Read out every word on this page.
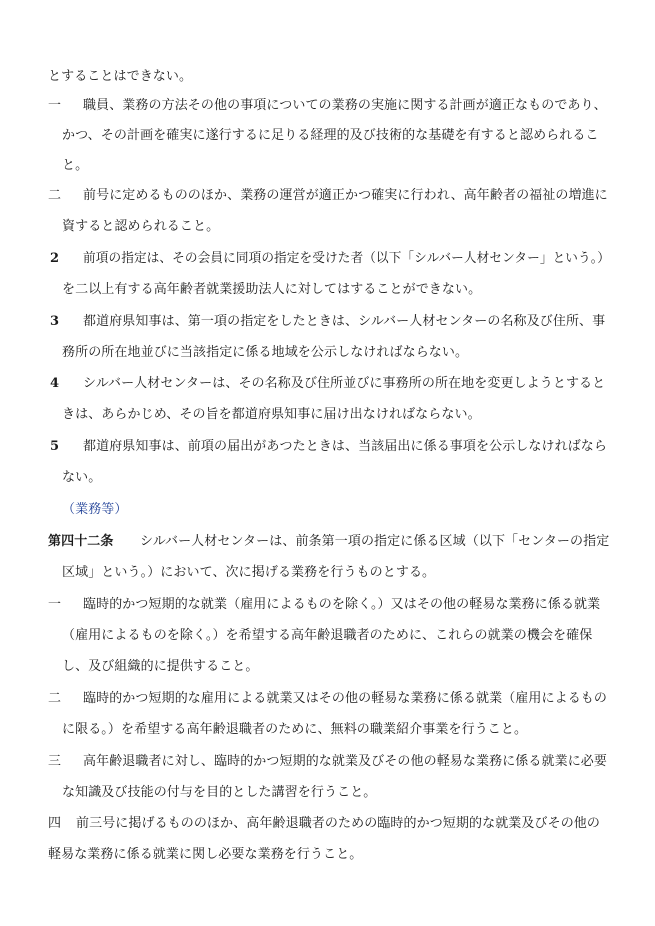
とすることはできない。
一 職員、業務の方法その他の事項についての業務の実施に関する計画が適正なものであり、
かつ、その計画を確実に遂行するに足りる経理的及び技術的な基礎を有すると認められるこ
と。
二 前号に定めるもののほか、業務の運営が適正かつ確実に行われ、高年齢者の福祉の増進に
資すると認められること。
2 前項の指定は、その会員に同項の指定を受けた者（以下「シルバー人材センター」という。）
を二以上有する高年齢者就業援助法人に対してはすることができない。
3 都道府県知事は、第一項の指定をしたときは、シルバー人材センターの名称及び住所、事
務所の所在地並びに当該指定に係る地域を公示しなければならない。
4 シルバー人材センターは、その名称及び住所並びに事務所の所在地を変更しようとすると
きは、あらかじめ、その旨を都道府県知事に届け出なければならない。
5 都道府県知事は、前項の届出があつたときは、当該届出に係る事項を公示しなければなら
ない。
（業務等）
第四十二条 シルバー人材センターは、前条第一項の指定に係る区域（以下「センターの指定
区域」という。）において、次に掲げる業務を行うものとする。
一 臨時的かつ短期的な就業（雇用によるものを除く。）又はその他の軽易な業務に係る就業
（雇用によるものを除く。）を希望する高年齢退職者のために、これらの就業の機会を確保
し、及び組織的に提供すること。
二 臨時的かつ短期的な雇用による就業又はその他の軽易な業務に係る就業（雇用によるもの
に限る。）を希望する高年齢退職者のために、無料の職業紹介事業を行うこと。
三 高年齢退職者に対し、臨時的かつ短期的な就業及びその他の軽易な業務に係る就業に必要
な知識及び技能の付与を目的とした講習を行うこと。
四 前三号に掲げるもののほか、高年齢退職者のための臨時的かつ短期的な就業及びその他の
軽易な業務に係る就業に関し必要な業務を行うこと。
